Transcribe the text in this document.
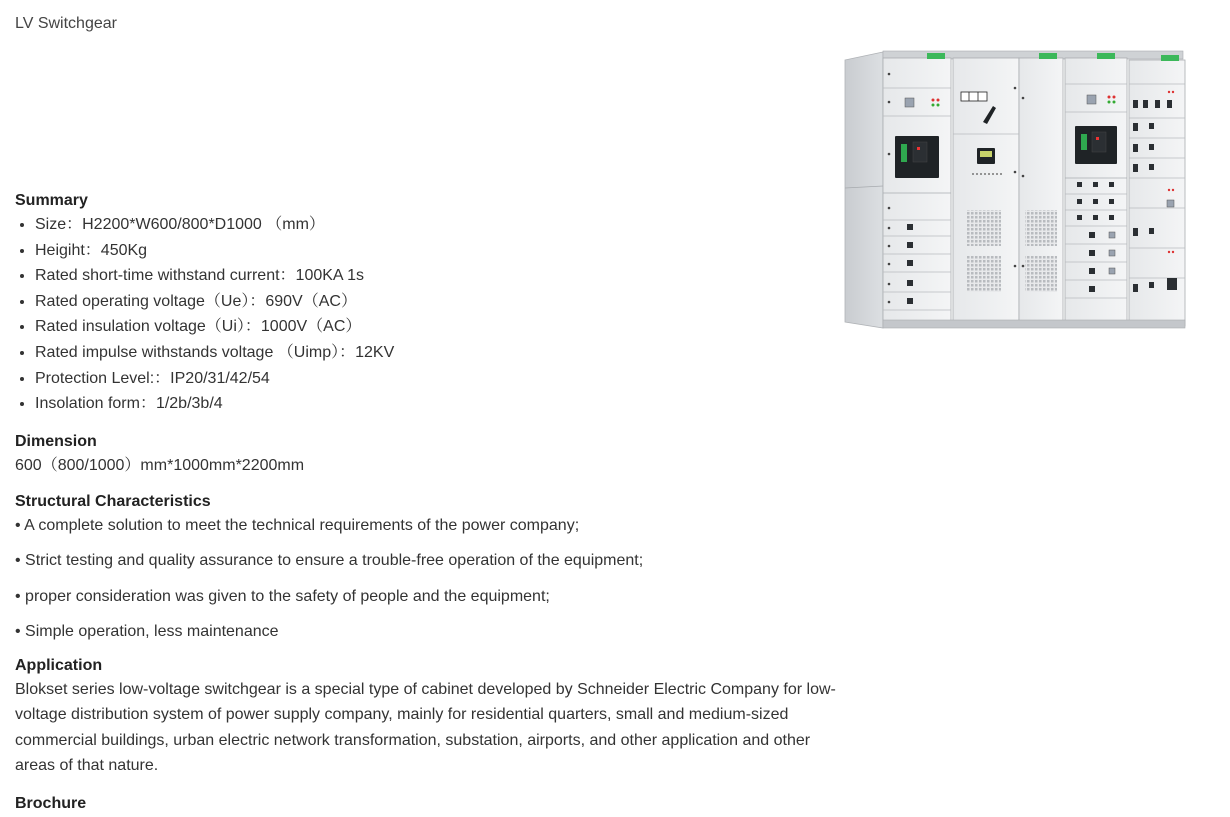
LV Switchgear
Summary
• Size：H2200*W600/800*D1000 （mm）
• Heigiht：450Kg
• Rated short-time withstand current：100KA 1s
• Rated operating voltage（Ue）：690V（AC）
• Rated insulation voltage（Ui）：1000V（AC）
• Rated impulse withstands voltage （Uimp）：12KV
• Protection Level:：IP20/31/42/54
• Insolation form：1/2b/3b/4
Dimension

600（800/1000）mm*1000mm*2200mm

Structural Characteristics

• A complete solution to meet the technical requirements of the power company;

• Strict testing and quality assurance to ensure a trouble-free operation of the equipment;

• proper consideration was given to the safety of people and the equipment;

• Simple operation, less maintenance

Application

Blokset series low-voltage switchgear is a special type of cabinet developed by Schneider Electric Company for low-voltage distribution system of power supply company, mainly for residential quarters, small and medium-sized commercial buildings, urban electric network transformation, substation, airports, and other application and other areas of that nature.

Brochure
